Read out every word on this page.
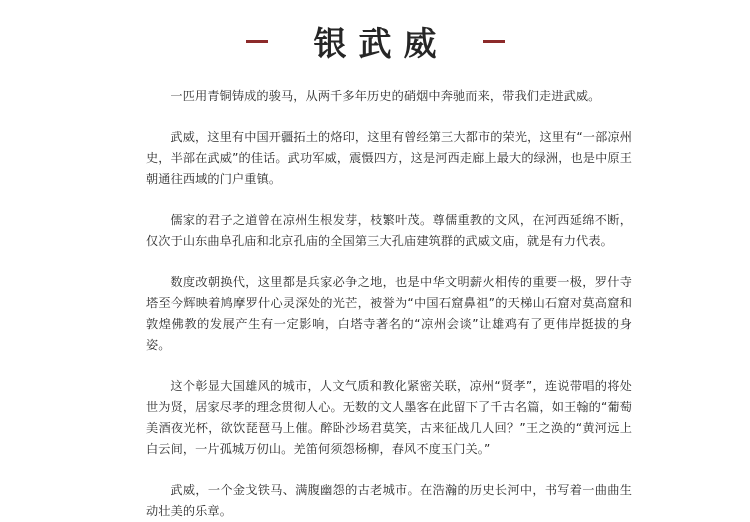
银武威

一匹用青铜铸成的骏马，从两千多年历史的硝烟中奔驰而来，带我们走进武威。

武威，这里有中国开疆拓土的烙印，这里有曾经第三大都市的荣光，这里有“一部凉州史，半部在武威”的佳话。武功军威，震慑四方，这是河西走廊上最大的绿洲，也是中原王朝通往西域的门户重镇。

儒家的君子之道曾在凉州生根发芽，枝繁叶茂。尊儒重教的文风，在河西延绵不断，仅次于山东曲阜孔庙和北京孔庙的全国第三大孔庙建筑群的武威文庙，就是有力代表。

数度改朝换代，这里都是兵家必争之地，也是中华文明薪火相传的重要一极，罗什寺塔至今辉映着鸠摩罗什心灵深处的光芒，被誉为“中国石窟鼻祖”的天梯山石窟对莫高窟和敦煌佛教的发展产生有一定影响，白塔寺著名的“凉州会谈”让雄鸡有了更伟岸挺拔的身姿。

这个彰显大国雄风的城市，人文气质和教化紧密关联，凉州“贤孝”，连说带唱的将处世为贤，居家尽孝的理念贯彻人心。无数的文人墨客在此留下了千古名篇，如王翰的“葡萄美酒夜光杯，欲饮琵琶马上催。醉卧沙场君莫笑，古来征战几人回？”王之涣的“黄河远上白云间，一片孤城万仞山。羌笛何须怨杨柳，春风不度玉门关。”

武威，一个金戈铁马、满腹幽怨的古老城市。在浩瀚的历史长河中，书写着一曲曲生动壮美的乐章。
